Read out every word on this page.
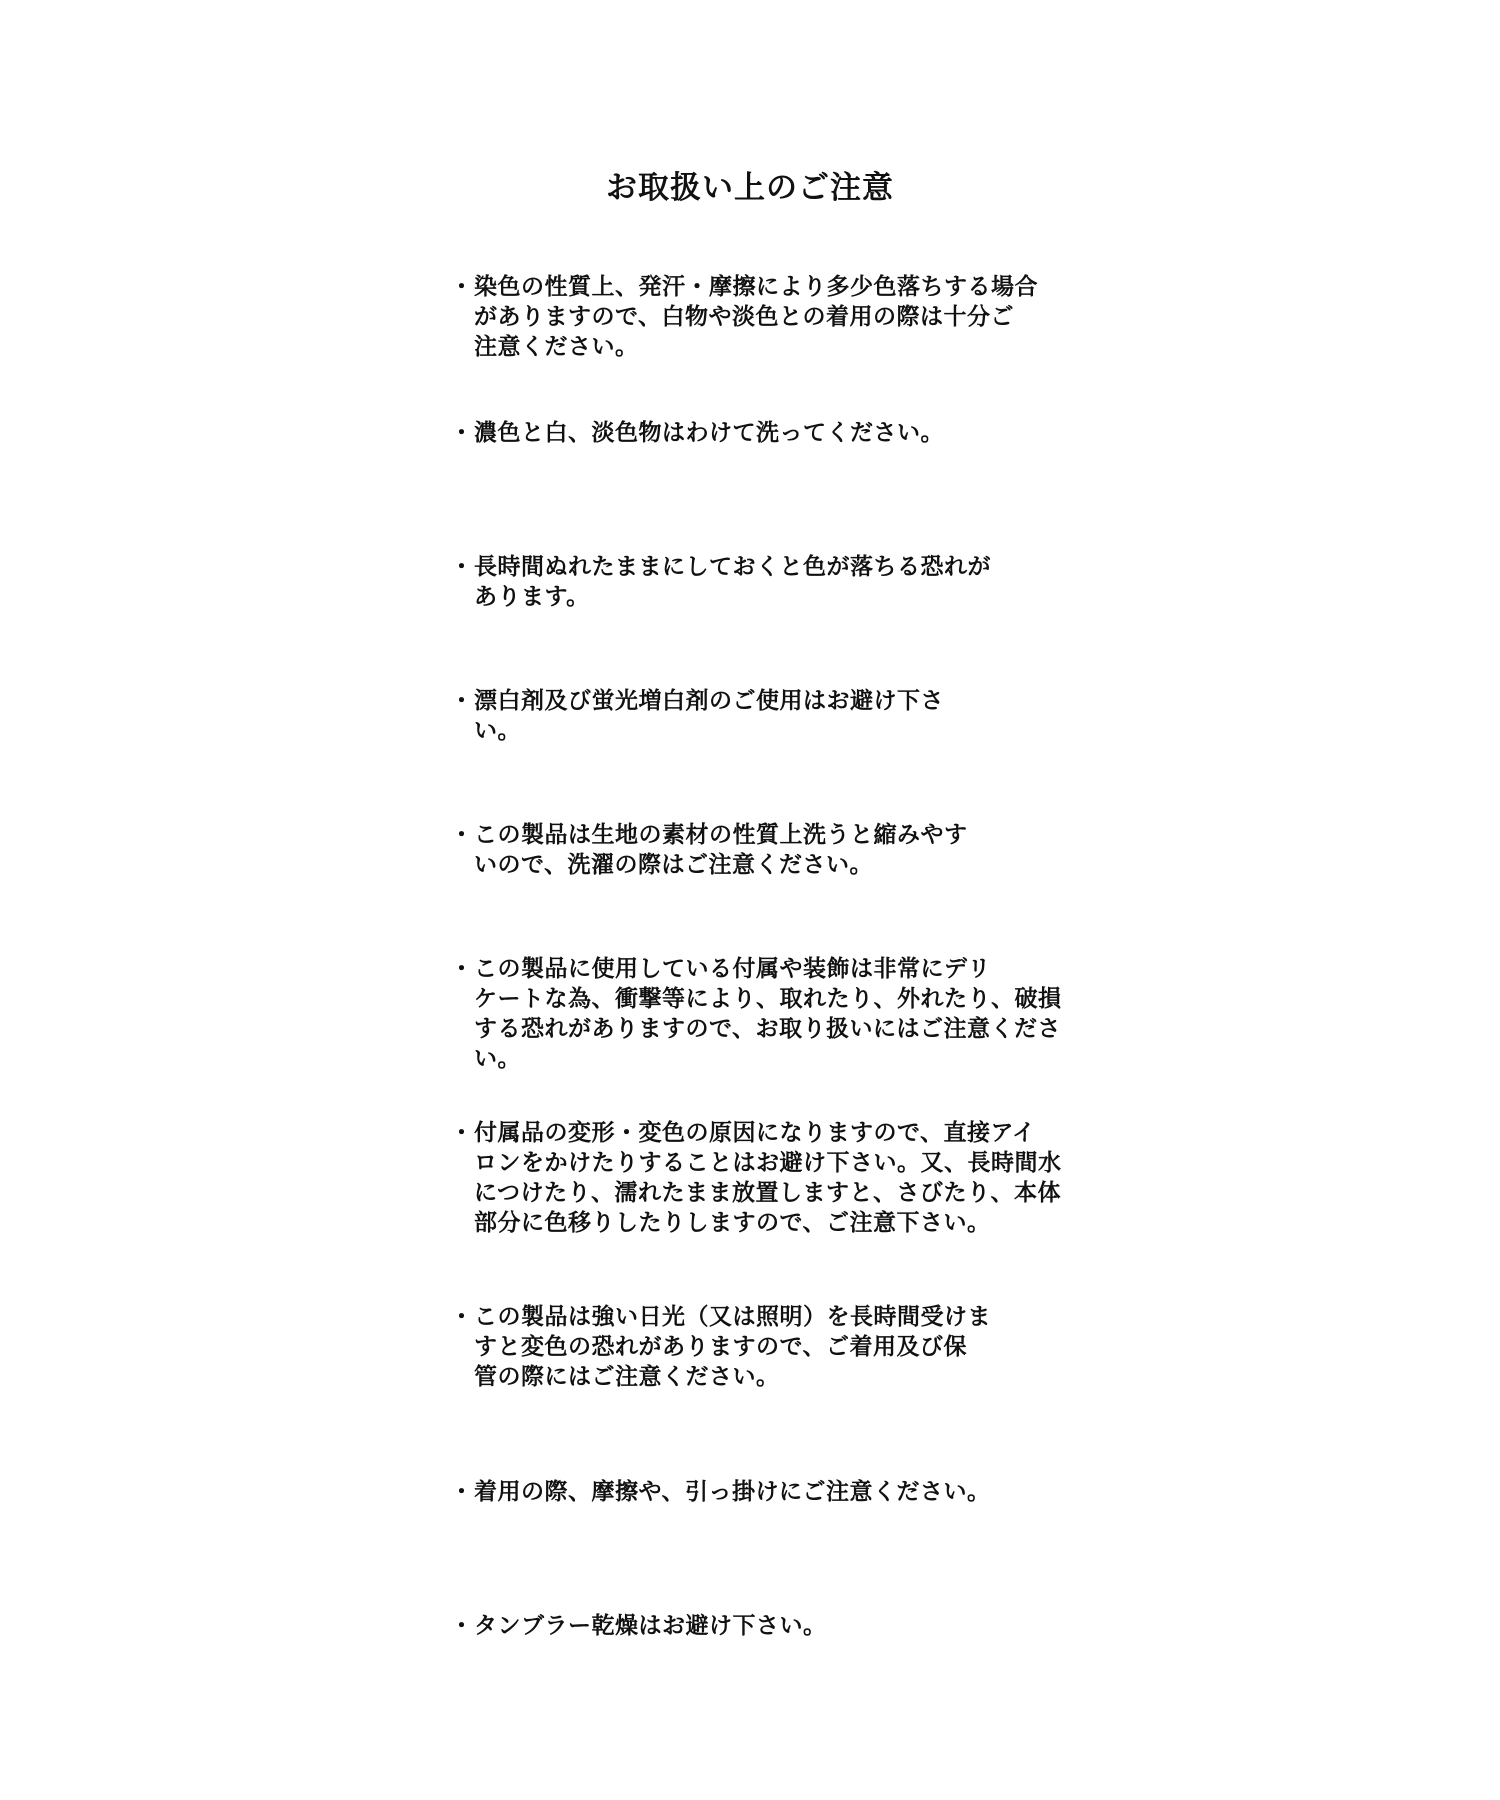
お取扱い上のご注意
・ 染色の性質上、発汗・摩擦により多少色落ちする場合
がありますので、白物や淡色との着用の際は十分ご
注意ください。
・ 濃色と白、淡色物はわけて洗ってください。
・ 長時間ぬれたままにしておくと色が落ちる恐れが
あります。
・ 漂白剤及び蛍光増白剤のご使用はお避け下さ
い。
・ この製品は生地の素材の性質上洗うと縮みやす
いので、洗濯の際はご注意ください。
・ この製品に使用している付属や装飾は非常にデリ
ケートな為、衝撃等により、取れたり、外れたり、破損
する恐れがありますので、お取り扱いにはご注意くださ
い。
・ 付属品の変形・変色の原因になりますので、直接アイ
ロンをかけたりすることはお避け下さい。又、長時間水
につけたり、濡れたまま放置しますと、さびたり、本体
部分に色移りしたりしますので、ご注意下さい。
・ この製品は強い日光（又は照明）を長時間受けま
すと変色の恐れがありますので、ご着用及び保
管の際にはご注意ください。
・ 着用の際、摩擦や、引っ掛けにご注意ください。
・ タンブラー乾燥はお避け下さい。
